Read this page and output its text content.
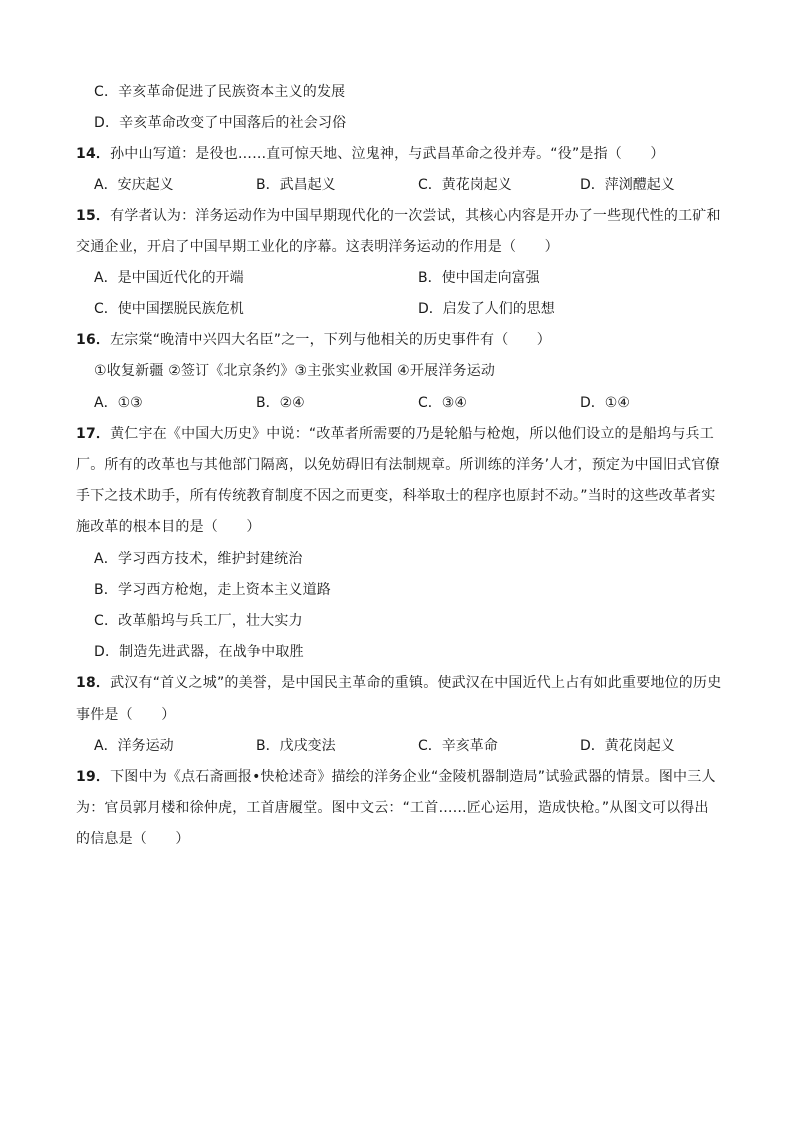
C．辛亥革命促进了民族资本主义的发展
D．辛亥革命改变了中国落后的社会习俗
14．孙中山写道：是役也……直可惊天地、泣鬼神，与武昌革命之役并寿。“役”是指（　　）
A．安庆起义	B．武昌起义	C．黄花岗起义	D．萍浏醴起义
15．有学者认为：洋务运动作为中国早期现代化的一次尝试，其核心内容是开办了一些现代性的工矿和
交通企业，开启了中国早期工业化的序幕。这表明洋务运动的作用是（　　）
A．是中国近代化的开端	B．使中国走向富强
C．使中国摆脱民族危机	D．启发了人们的思想
16．左宗棠“晚清中兴四大名臣”之一，下列与他相关的历史事件有（　　）
①收复新疆 ②签订《北京条约》③主张实业救国 ④开展洋务运动
A．①③	B．②④	C．③④	D．①④
17．黄仁宇在《中国大历史》中说：“改革者所需要的乃是轮船与枪炮，所以他们设立的是船坞与兵工
厂。所有的改革也与其他部门隔离，以免妨碍旧有法制规章。所训练的洋务’人才，预定为中国旧式官僚
手下之技术助手，所有传统教育制度不因之而更变，科举取士的程序也原封不动。”当时的这些改革者实
施改革的根本目的是（　　）
A．学习西方技术，维护封建统治
B．学习西方枪炮，走上资本主义道路
C．改革船坞与兵工厂，壮大实力
D．制造先进武器，在战争中取胜
18．武汉有“首义之城”的美誉，是中国民主革命的重镇。使武汉在中国近代上占有如此重要地位的历史
事件是（　　）
A．洋务运动	B．戊戌变法	C．辛亥革命	D．黄花岗起义
19．下图中为《点石斋画报•快枪述奇》描绘的洋务企业“金陵机器制造局”试验武器的情景。图中三人
为：官员郭月楼和徐仲虎，工首唐履堂。图中文云：“工首……匠心运用，造成快枪。”从图文可以得出
的信息是（　　）
